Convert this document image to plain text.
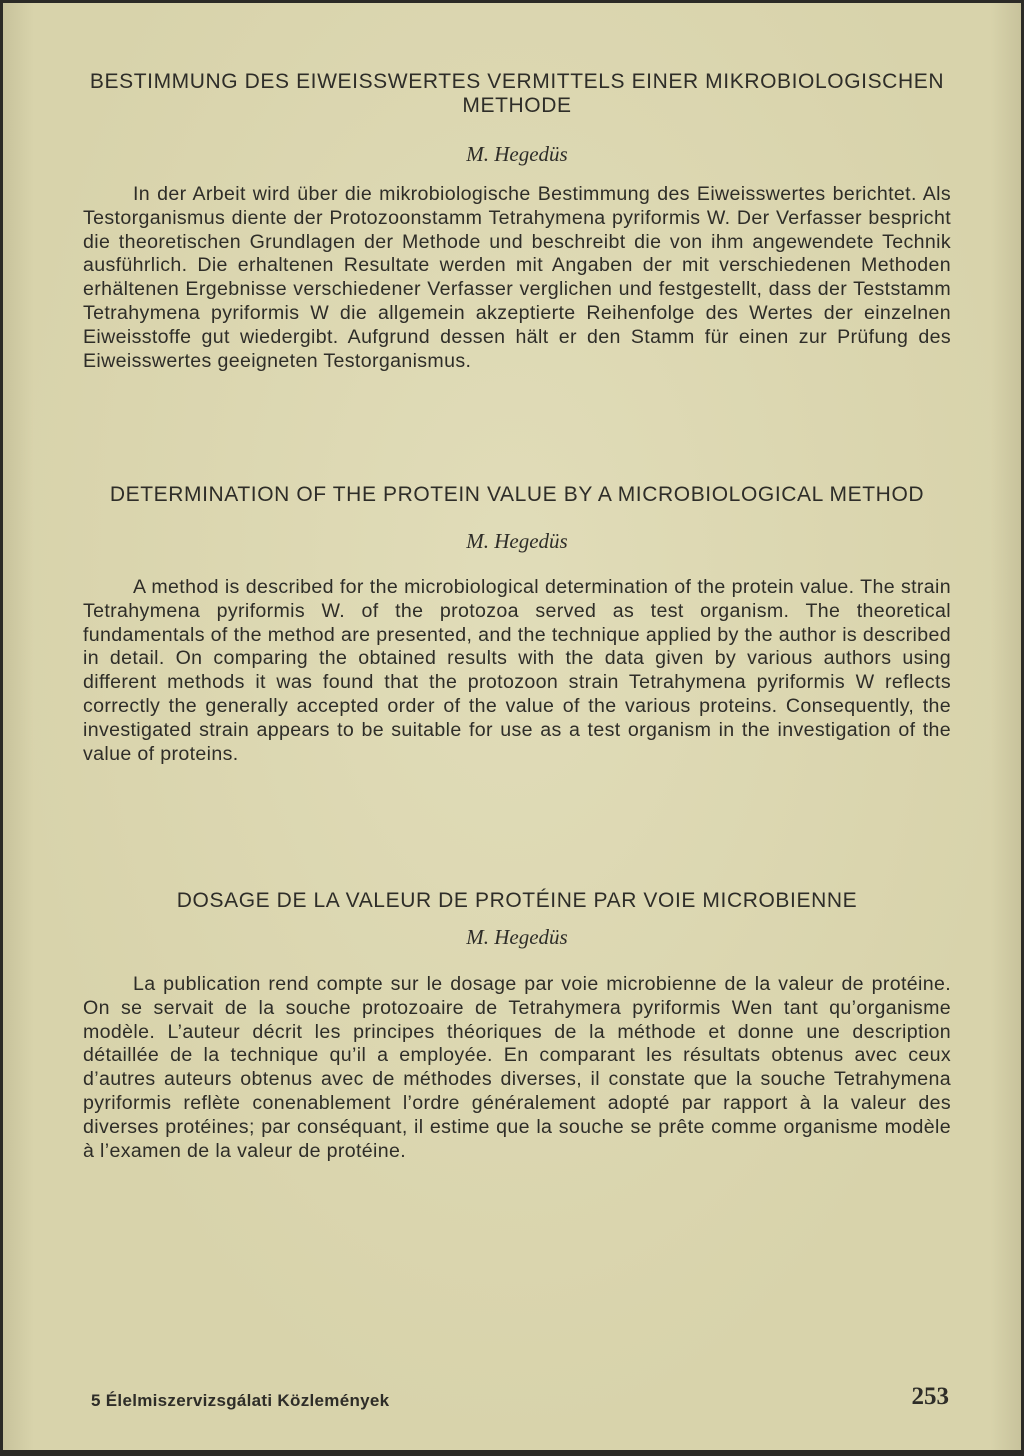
BESTIMMUNG DES EIWEISSWERTES VERMITTELS EINER MIKROBIOLOGISCHEN METHODE

M. Hegedüs

In der Arbeit wird über die mikrobiologische Bestimmung des Eiweisswertes berichtet. Als Testorganismus diente der Protozoonstamm Tetrahymena pyriformis W. Der Verfasser bespricht die theoretischen Grundlagen der Methode und beschreibt die von ihm angewendete Technik ausführlich. Die erhaltenen Resultate werden mit Angaben der mit verschiedenen Methoden erhältenen Ergebnisse verschiedener Verfasser verglichen und festgestellt, dass der Teststamm Tetrahymena pyriformis W die allgemein akzeptierte Reihenfolge des Wertes der einzelnen Eiweisstoffe gut wiedergibt. Aufgrund dessen hält er den Stamm für einen zur Prüfung des Eiweisswertes geeigneten Testorganismus.

DETERMINATION OF THE PROTEIN VALUE BY A MICROBIOLOGICAL METHOD

M. Hegedüs

A method is described for the microbiological determination of the protein value. The strain Tetrahymena pyriformis W. of the protozoa served as test organism. The theoretical fundamentals of the method are presented, and the technique applied by the author is described in detail. On comparing the obtained results with the data given by various authors using different methods it was found that the protozoon strain Tetrahymena pyriformis W reflects correctly the generally accepted order of the value of the various proteins. Consequently, the investigated strain appears to be suitable for use as a test organism in the investigation of the value of proteins.

DOSAGE DE LA VALEUR DE PROTÉINE PAR VOIE MICROBIENNE

M. Hegedüs

La publication rend compte sur le dosage par voie microbienne de la valeur de protéine. On se servait de la souche protozoaire de Tetrahymera pyriformis Wen tant qu’organisme modèle. L’auteur décrit les principes théoriques de la méthode et donne une description détaillée de la technique qu’il a employée. En comparant les résultats obtenus avec ceux d’autres auteurs obtenus avec de méthodes diverses, il constate que la souche Tetrahymena pyriformis reflète conenablement l’ordre généralement adopté par rapport à la valeur des diverses protéines; par conséquant, il estime que la souche se prête comme organisme modèle à l’examen de la valeur de protéine.

5 Élelmiszervizsgálati Közlemények	253
